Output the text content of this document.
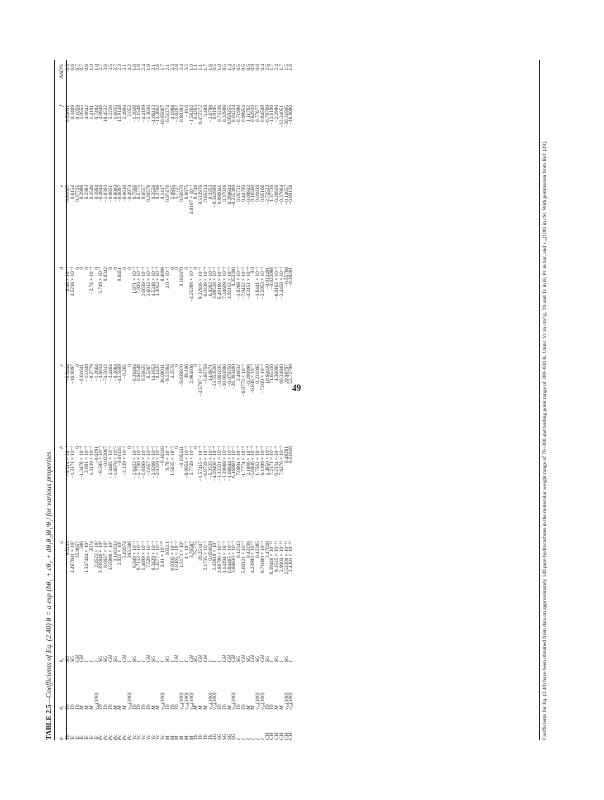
TABLE 2.5—Coefficients of Eq. (2.40) θ = a exp (bθ₁ + cθ₂ + dθ₁θ₂)θ₁ᵉθ₂ᶠ for various properties
θ	θ₁	θ₂	a	b	c	d	e	f	AAD%
Tb	Tb	SG	9.5233	−9.314 × 10⁻⁴	−0.5444	6.48 × 10⁻⁴	0.81067	0.53691	0.5
Tc	Tb	SG	4.487601 × 10²	−1.3171 × 10⁻³	−16.9097	4.5236 × 10⁻³	0.6154	0.3469	0.6
Tc	Tb	CH	35.9657	0	0	0	0.37721	0.1059	0.7
Tc	M	CH	308	−1.3478 × 10⁻⁴	−0.61641	0	0.2998	1.0555	0.7
Tc	M	I	1.347444 × 10⁶	2.001 × 10⁻³	−13.049	0	0.2383	4.0642	0.8
Tc	M	I	2074	1.3139 × 10⁻³	−0.2779	−2.74 × 10⁻⁴	0.3546	1.4191	1.0
Tc	ν₃₈(100)	I	2.4523 × 10²	−0.0291	−1.2664	0	0.1884	0.7492	1.0
Pc	Tb	SG	3.195846 × 10⁸	−8.505 × 10⁻³	−4.8014	5.749 × 10⁻³	−0.4844	4.0846	2.7
Pc	Tb	SG	8.6927 × 10³	−0.022067	−74.5612	0.0342	−1.0303	18.4532	3.6
Pc	Tb	CH	3.55896 × 10⁵	−3.4465 × 10⁻³	−3.4464	0	−0.8851	3.2226	3.5
Pc	M	SG	3.116.632	−1.8078 × 10⁻³	−0.3084	0	−0.8063	1.6015	2.7
Pc	M	I	2.025 × 10⁶	−0.01415	−43.5809	0.0451	−0.8097	12.9148	2.3
Pc	M	CH	5.62674	−2.139 × 10⁻³	−0.265	0	−0.6616	2.4904	3.1
Pc	ν₃₈(100)	I	393.306	0	0	0	−0.4974	2.052	4.2
Vc	Tb	SG	6.049 × 10⁻²	−2.6422 × 10⁻³	−0.26404	1.971 × 10⁻³	0.7506	−1.2028	1.8
Vc	Tb	I	6.7112 × 10⁻²	−2.7700 × 10⁻³	0.91548	7.920 × 10⁻³	0.5775	−2.1548	1.8
Vc	Tb	I	1.4699 × 10⁻²	−1.6499 × 10⁻³	0.56625	2.6639 × 10⁻⁴	0.6557	−4.4169	2.4
Vc	Tb	CH	7.529 × 10⁻¹	−2.657 × 10⁻³	0.5287	2.6012 × 10⁻³	0.20578	−1.3036	1.9
Vc	M	SG	6.3429 × 10⁻³	−2.0208 × 10⁻³	14.1853	4.5318 × 10⁻³	0.2556	−4.66413	2.1
Vc	M	I	1.3577 × 10⁻¹	−2.0319 × 10⁻³	0.1425	1.3052 × 10⁻³	0.3706	−13.3862	2.6
Vc	ν₃₈(100)	I	2.01 × 10⁻¹⁰	−0.16318	36.09011	0.4608	0.1417	−10.65067	1.7
M	Tb	SG	1032.1	9.78 × 10⁻⁴	−9.53384	2.0 × 10⁻³	0.97476	6.51274	2.1
M	Tb	I	8.9305 × 10⁻⁶	1.5635 × 10⁻⁵	4.2576	0	2.0935	4.1988	2.3
M	Tb	CH	1.8165 × 10⁻⁵	0	0	0	1.7727	−1.6267	2.8
M	ν₃₈(100)	I	1.5173 × 10⁶	−0.195411	−9.638970	0.162470	0.56570	6.89383	3.4
M	ν₃₈(100)	I	4 × 10⁻⁹	−8.9854 × 10⁻²	38.106	0	0.6675	−10.6	3.5
M	ν₃₈(100)	CH	3.76587	3.7749 × 10⁻³	2.984036	−4.25288 × 10⁻³	4.0167 × 10⁻¹	−1.58262	1.0
Tb	M	SG	75.775	0	0	0	0.4748	0.4283	1.1
Tb	M	CH	20.25347	−1.57415 × 10⁻⁴	−4.5707 × 10⁻²	9.22926 × 10⁻⁶	0.512976	0.472372	1.1
Tb	M	CH	2.1735 × 10⁻²	−6.8739 × 10⁻⁴	−5.85759	6.0338 × 10⁻⁴	0.85214	3.489	1.7
Tb	ν₃₈(100)	I	0.050629	−5.3525 × 10⁻²	14.6871	6.0282 × 10⁻³	0.3253	−3.8798	1.6
SG	ν₃₈(100)	I	2.43810 × 10⁷	−4.19400 × 10⁻⁴	−23.553500	3.98536 × 10⁻³	−0.341800	6.9195	0.5
SG	Tb	I	2.86706 × 10⁻³	−1.33321 × 10⁻³	−0.681635	6.49168 × 10⁻⁵	0.890041	0.73238	1.0
SG	Tb	CH	3.14294 × 10⁻⁵	−1.39868 × 10⁻³	−20.803000	7.34609 × 10⁻³	0.37028	0.32808	0.5
SG	M	CH	6.84465 × 10⁻²	−1.68844 × 10⁻³	−0.079250	4.92112 × 10⁻⁵	0.289844	0.959255	1.3
SG	ν₃₈(100)	CH	3.80830 × 10⁻¹	6.16060 × 10⁻²	−26.393400	0.253300	−0.235300	8.04224	0.5
I	Tb	SG	0.12343	7.0094 × 10⁻⁴	2.46632	−1.0268 × 10⁻³	0.05721	−0.71990	0.5
I	Tb	CH	5.60121 × 10⁻³	−1.7774 × 10⁻⁴	−6.0773 × 10⁻²	−7.9452 × 10⁻⁵	0.44700	0.98954	0.5
I	M	SG	0.42238	3.1886 × 10⁻⁴	−0.200996	−4.2451 × 10⁻⁴	−0.00843	1.11782	0.5
I	M	CH	4.23900 × 10⁻²	−5.6946 × 10⁻⁴	−6.836 × 10⁻²	0.0	0.16560	0.82910	0.9
I	ν₃₈(100)	SG	0.42385	1.7562 × 10⁻⁴	0.231095	−1.8441 × 10⁻²	0.01839	0.77677	0.6
I	ν₃₈(100)	CH	8.71600 × 10⁻²	6.1399 × 10⁻³	−7.019 × 10⁻²	−2.5953 × 10⁻³	0.05166	0.84599	0.4
CH	Tb	SG	3.47028	1.4850 × 10⁻²	16.94020	−0.012491	−2.72522	−6.79769	2.5
CH	Tb	I	8.39440 × 10⁻¹³	7.2171 × 10⁻²	71.65310	−0.022088	1.37730	−13.6190	1.7
CH	M	SG	9.1525 × 10⁻¹³	9.2334 × 10⁻⁴	4.36095	−8.0182 × 10⁻³	−0.26828	−2.2990	2.4
CH	M	I	2.9004 × 10⁻¹³	7.8276 × 10⁻³	60.34940	−2.4450 × 10⁻²	−0.37884	−12.34051	1.7
CH	ν₃₈(100)	SG	2.52300 × 10⁻¹²	0.48281	29.98797	−0.55788	−0.14657	−20.31905	1.5
CH	ν₃₈(100)	I	2.4301 × 10⁻¹²	0.51818	53.72790	−0.39281	−0.89158	−18.9080	1.6
Coefficients for Eq. (2.40) have been obtained from data on approximately 140 pure hydrocarbons in the molecular weight range of 70–300 and boiling point range of 300–630 K. Units: Vc in cm³/g, Tb and Tc in K, Pc in bar, and ν₃₈(100) in cSt. With permission from Ref. [29].
49
